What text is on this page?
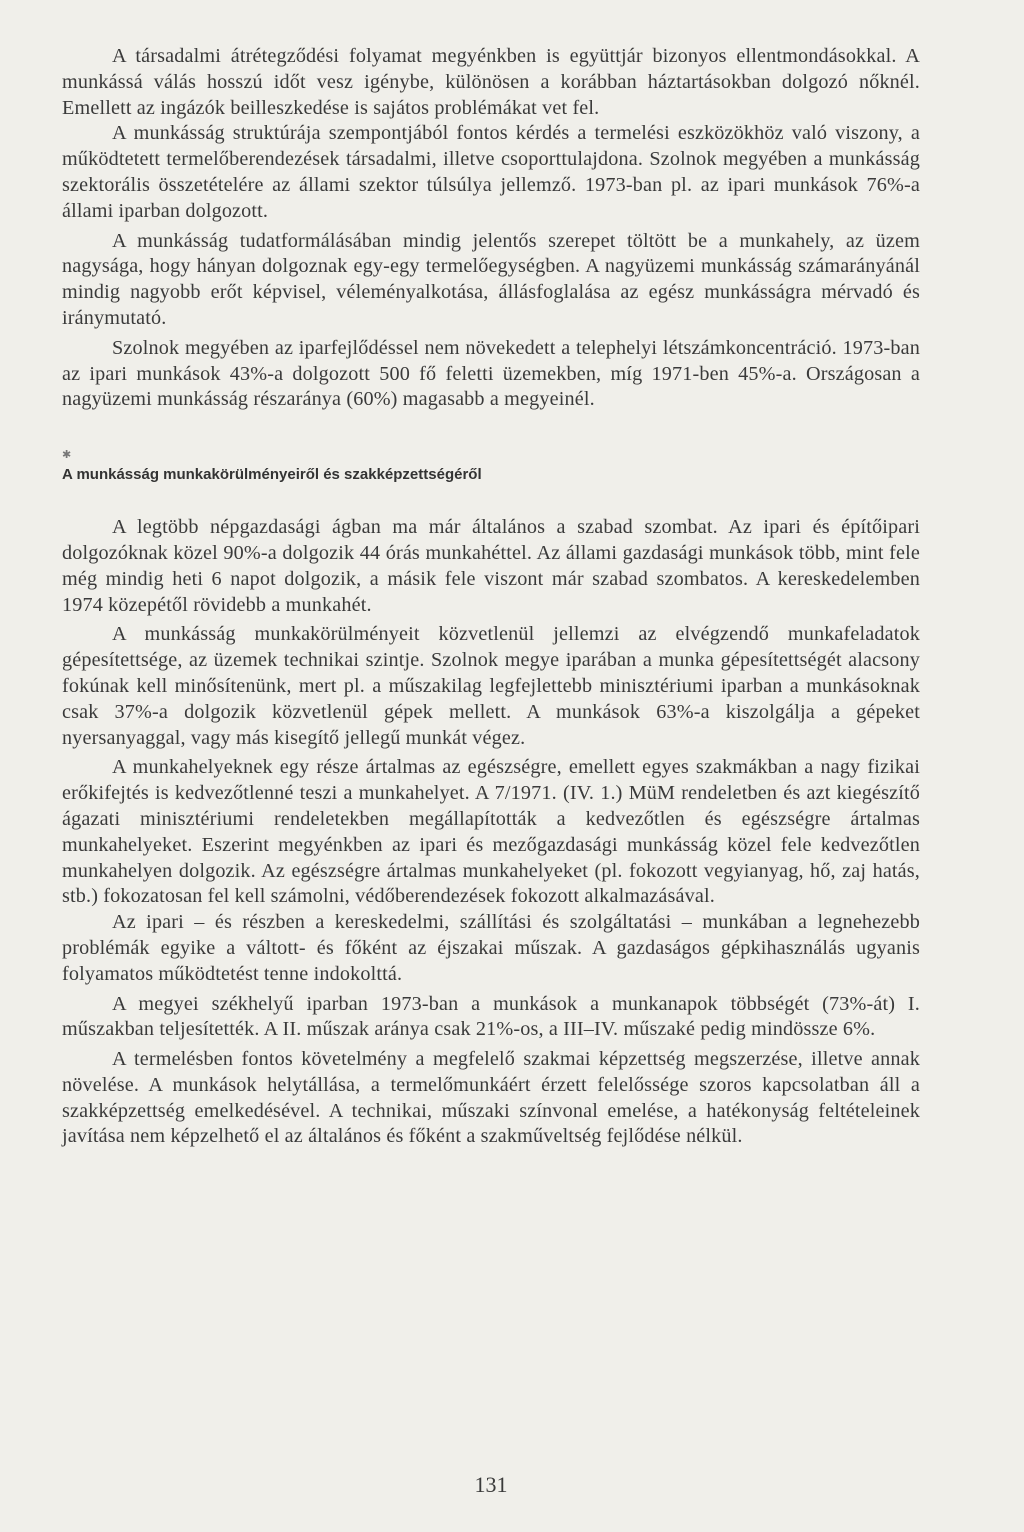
A társadalmi átrétegződési folyamat megyénkben is együttjár bizonyos ellentmondásokkal. A munkássá válás hosszú időt vesz igénybe, különösen a korábban háztartásokban dolgozó nőknél. Emellett az ingázók beilleszkedése is sajátos problémákat vet fel.

A munkásság struktúrája szempontjából fontos kérdés a termelési eszközökhöz való viszony, a működtetett termelőberendezések társadalmi, illetve csoporttulajdona. Szolnok megyében a munkásság szektorális összetételére az állami szektor túlsúlya jellemző. 1973-ban pl. az ipari munkások 76%-a állami iparban dolgozott.

A munkásság tudatformálásában mindig jelentős szerepet töltött be a munkahely, az üzem nagysága, hogy hányan dolgoznak egy-egy termelőegységben. A nagyüzemi munkásság számarányánál mindig nagyobb erőt képvisel, véleményalkotása, állásfoglalása az egész munkásságra mérvadó és iránymutató.

Szolnok megyében az iparfejlődéssel nem növekedett a telephelyi létszámkoncentráció. 1973-ban az ipari munkások 43%-a dolgozott 500 fő feletti üzemekben, míg 1971-ben 45%-a. Országosan a nagyüzemi munkásság részaránya (60%) magasabb a megyeinél.

✱
A munkásság munkakörülményeiről és szakképzettségéről

A legtöbb népgazdasági ágban ma már általános a szabad szombat. Az ipari és építőipari dolgozóknak közel 90%-a dolgozik 44 órás munkahéttel. Az állami gazdasági munkások több, mint fele még mindig heti 6 napot dolgozik, a másik fele viszont már szabad szombatos. A kereskedelemben 1974 közepétől rövidebb a munkahét.

A munkásság munkakörülményeit közvetlenül jellemzi az elvégzendő munkafeladatok gépesítettsége, az üzemek technikai szintje. Szolnok megye iparában a munka gépesítettségét alacsony fokúnak kell minősítenünk, mert pl. a műszakilag legfejlettebb minisztériumi iparban a munkásoknak csak 37%-a dolgozik közvetlenül gépek mellett. A munkások 63%-a kiszolgálja a gépeket nyersanyaggal, vagy más kisegítő jellegű munkát végez.

A munkahelyeknek egy része ártalmas az egészségre, emellett egyes szakmákban a nagy fizikai erőkifejtés is kedvezőtlenné teszi a munkahelyet. A 7/1971. (IV. 1.) MüM rendeletben és azt kiegészítő ágazati minisztériumi rendeletekben megállapították a kedvezőtlen és egészségre ártalmas munkahelyeket. Eszerint megyénkben az ipari és mezőgazdasági munkásság közel fele kedvezőtlen munkahelyen dolgozik. Az egészségre ártalmas munkahelyeket (pl. fokozott vegyianyag, hő, zaj hatás, stb.) fokozatosan fel kell számolni, védőberendezések fokozott alkalmazásával.

Az ipari – és részben a kereskedelmi, szállítási és szolgáltatási – munkában a legnehezebb problémák egyike a váltott- és főként az éjszakai műszak. A gazdaságos gépkihasználás ugyanis folyamatos működtetést tenne indokolttá.

A megyei székhelyű iparban 1973-ban a munkások a munkanapok többségét (73%-át) I. műszakban teljesítették. A II. műszak aránya csak 21%-os, a III–IV. műszaké pedig mindössze 6%.

A termelésben fontos követelmény a megfelelő szakmai képzettség megszerzése, illetve annak növelése. A munkások helytállása, a termelőmunkáért érzett felelőssége szoros kapcsolatban áll a szakképzettség emelkedésével. A technikai, műszaki színvonal emelése, a hatékonyság feltételeinek javítása nem képzelhető el az általános és főként a szakműveltség fejlődése nélkül.

131
